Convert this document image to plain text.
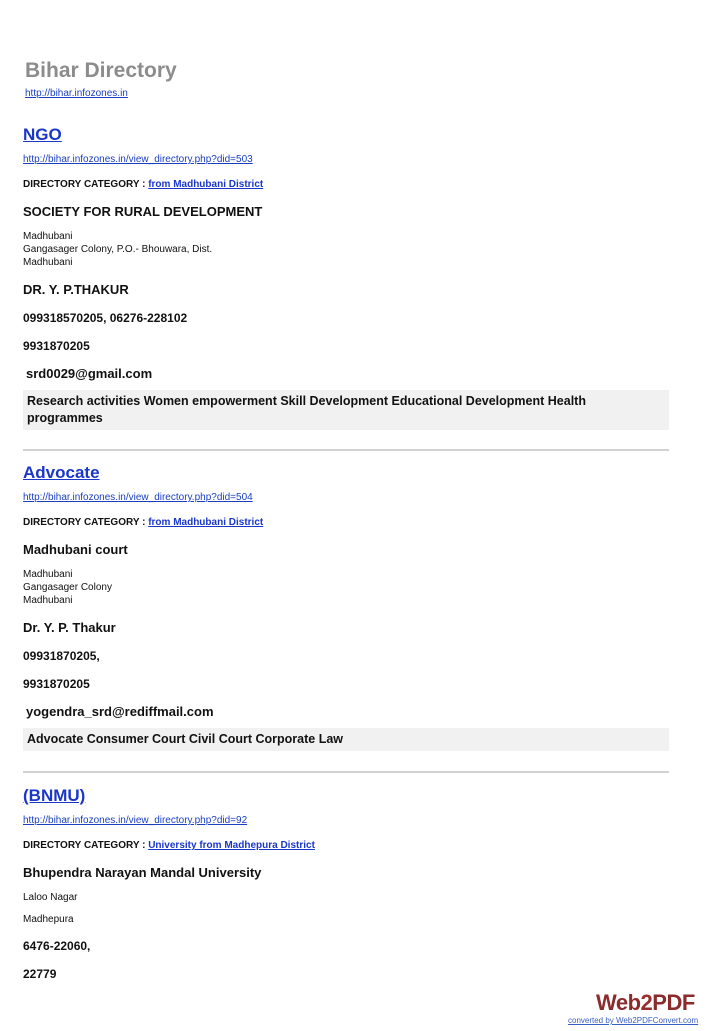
Bihar Directory
http://bihar.infozones.in
NGO
http://bihar.infozones.in/view_directory.php?did=503
DIRECTORY CATEGORY : from Madhubani District
SOCIETY FOR RURAL DEVELOPMENT
Madhubani
Gangasager Colony, P.O.- Bhouwara, Dist.
Madhubani
DR. Y. P.THAKUR
099318570205, 06276-228102
9931870205
srd0029@gmail.com
Research activities Women empowerment Skill Development Educational Development Health programmes
Advocate
http://bihar.infozones.in/view_directory.php?did=504
DIRECTORY CATEGORY : from Madhubani District
Madhubani court
Madhubani
Gangasager Colony
Madhubani
Dr. Y. P. Thakur
09931870205,
9931870205
yogendra_srd@rediffmail.com
Advocate Consumer Court Civil Court Corporate Law
(BNMU)
http://bihar.infozones.in/view_directory.php?did=92
DIRECTORY CATEGORY : University from Madhepura District
Bhupendra Narayan Mandal University
Laloo Nagar
Madhepura
6476-22060,
22779
Web2PDF
converted by Web2PDFConvert.com
